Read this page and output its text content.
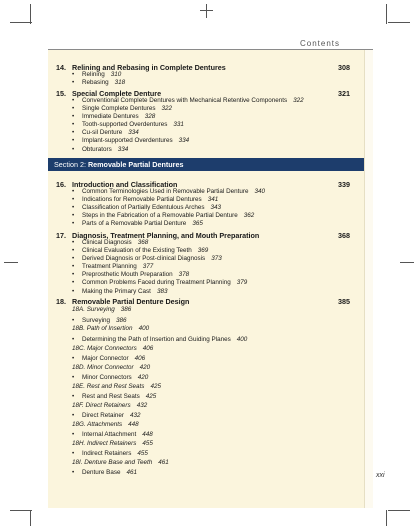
Contents
14. Relining and Rebasing in Complete Dentures	308
• Relining 310
• Rebasing 318
15. Special Complete Denture	321
• Conventional Complete Dentures with Mechanical Retentive Components 322
• Single Complete Dentures 322
• Immediate Dentures 328
• Tooth-supported Overdentures 331
• Cu-sil Denture 334
• Implant-supported Overdentures 334
• Obturators 334
Section 2: Removable Partial Dentures
16. Introduction and Classification	339
• Common Terminologies Used in Removable Partial Denture 340
• Indications for Removable Partial Dentures 341
• Classification of Partially Edentulous Arches 343
• Steps in the Fabrication of a Removable Partial Denture 362
• Parts of a Removable Partial Denture 365
17. Diagnosis, Treatment Planning, and Mouth Preparation	368
• Clinical Diagnosis 368
• Clinical Evaluation of the Existing Teeth 369
• Derived Diagnosis or Post-clinical Diagnosis 373
• Treatment Planning 377
• Preprosthetic Mouth Preparation 378
• Common Problems Faced during Treatment Planning 379
• Making the Primary Cast 383
18. Removable Partial Denture Design	385
18A. Surveying 386
• Surveying 386
18B. Path of Insertion 400
• Determining the Path of Insertion and Guiding Planes 400
18C. Major Connectors 406
• Major Connector 406
18D. Minor Connector 420
• Minor Connectors 420
18E. Rest and Rest Seats 425
• Rest and Rest Seats 425
18F. Direct Retainers 432
• Direct Retainer 432
18G. Attachments 448
• Internal Attachment 448
18H. Indirect Retainers 455
• Indirect Retainers 455
18I. Denture Base and Teeth 461
• Denture Base 461	xxi
